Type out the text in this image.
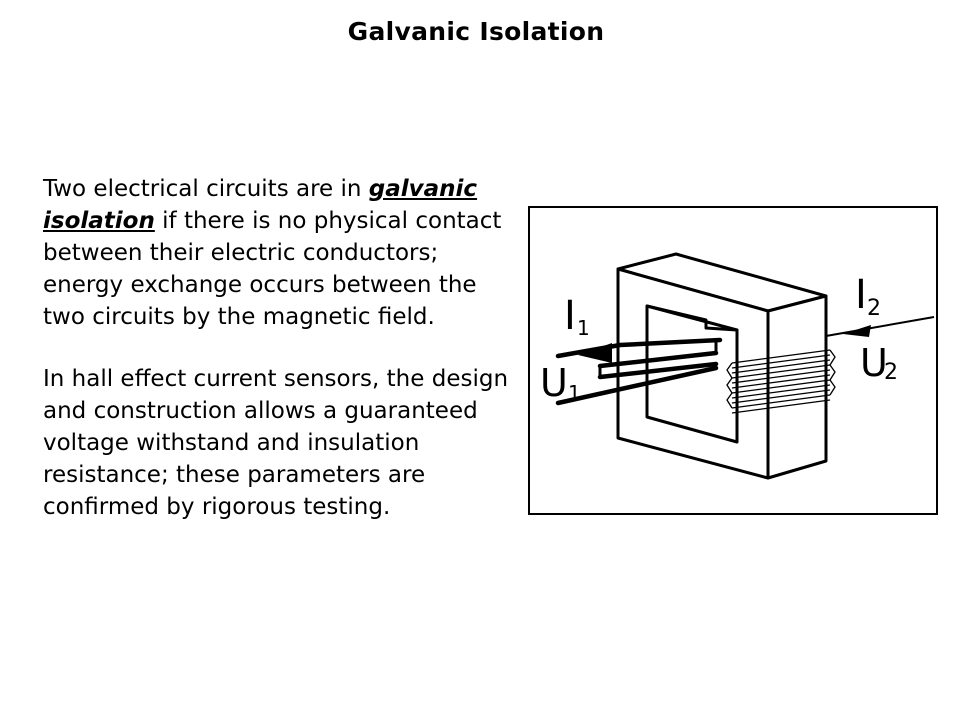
Galvanic Isolation

Two electrical circuits are in galvanic isolation if there is no physical contact between their electric conductors; energy exchange occurs between the two circuits by the magnetic field.

In hall effect current sensors, the design and construction allows a guaranteed voltage withstand and insulation resistance; these parameters are confirmed by rigorous testing.

I 1
U 1
I 2
U
2
